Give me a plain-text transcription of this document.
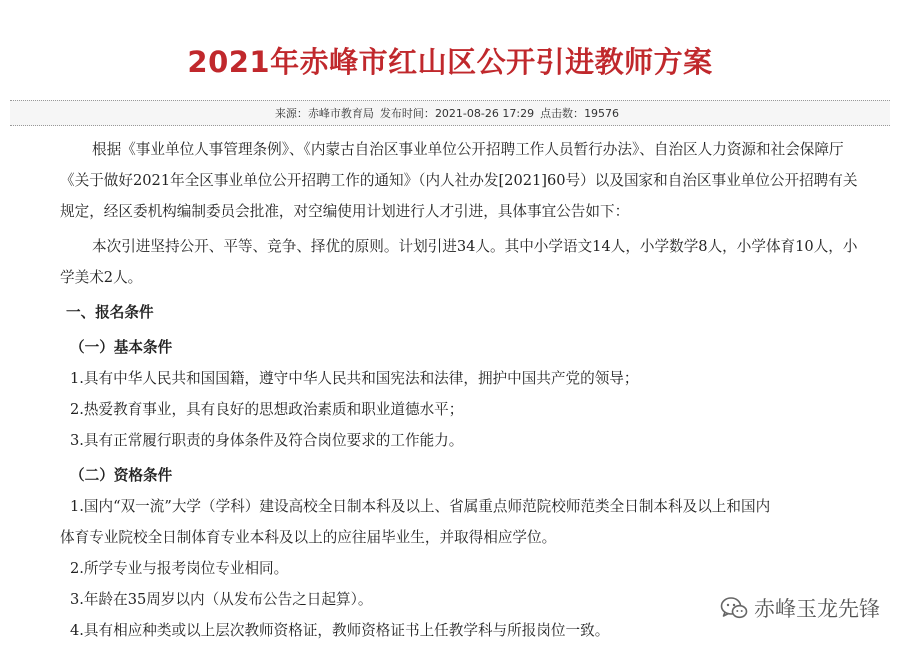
2021年赤峰市红山区公开引进教师方案
来源：赤峰市教育局 发布时间：2021-08-26 17:29 点击数：19576

根据《事业单位人事管理条例》、《内蒙古自治区事业单位公开招聘工作人员暂行办法》、自治区人力资源和社会保障厅《关于做好2021年全区事业单位公开招聘工作的通知》（内人社办发[2021]60号）以及国家和自治区事业单位公开招聘有关规定，经区委机构编制委员会批准，对空编使用计划进行人才引进，具体事宜公告如下：

本次引进坚持公开、平等、竞争、择优的原则。计划引进34人。其中小学语文14人，小学数学8人，小学体育10人，小学美术2人。

一、报名条件

（一）基本条件

1.具有中华人民共和国国籍，遵守中华人民共和国宪法和法律，拥护中国共产党的领导；

2.热爱教育事业，具有良好的思想政治素质和职业道德水平；

3.具有正常履行职责的身体条件及符合岗位要求的工作能力。

（二）资格条件

1.国内“双一流”大学（学科）建设高校全日制本科及以上、省属重点师范院校师范类全日制本科及以上和国内

体育专业院校全日制体育专业本科及以上的应往届毕业生，并取得相应学位。

2.所学专业与报考岗位专业相同。

3.年龄在35周岁以内（从发布公告之日起算）。

4.具有相应种类或以上层次教师资格证，教师资格证书上任教学科与所报岗位一致。

赤峰玉龙先锋
